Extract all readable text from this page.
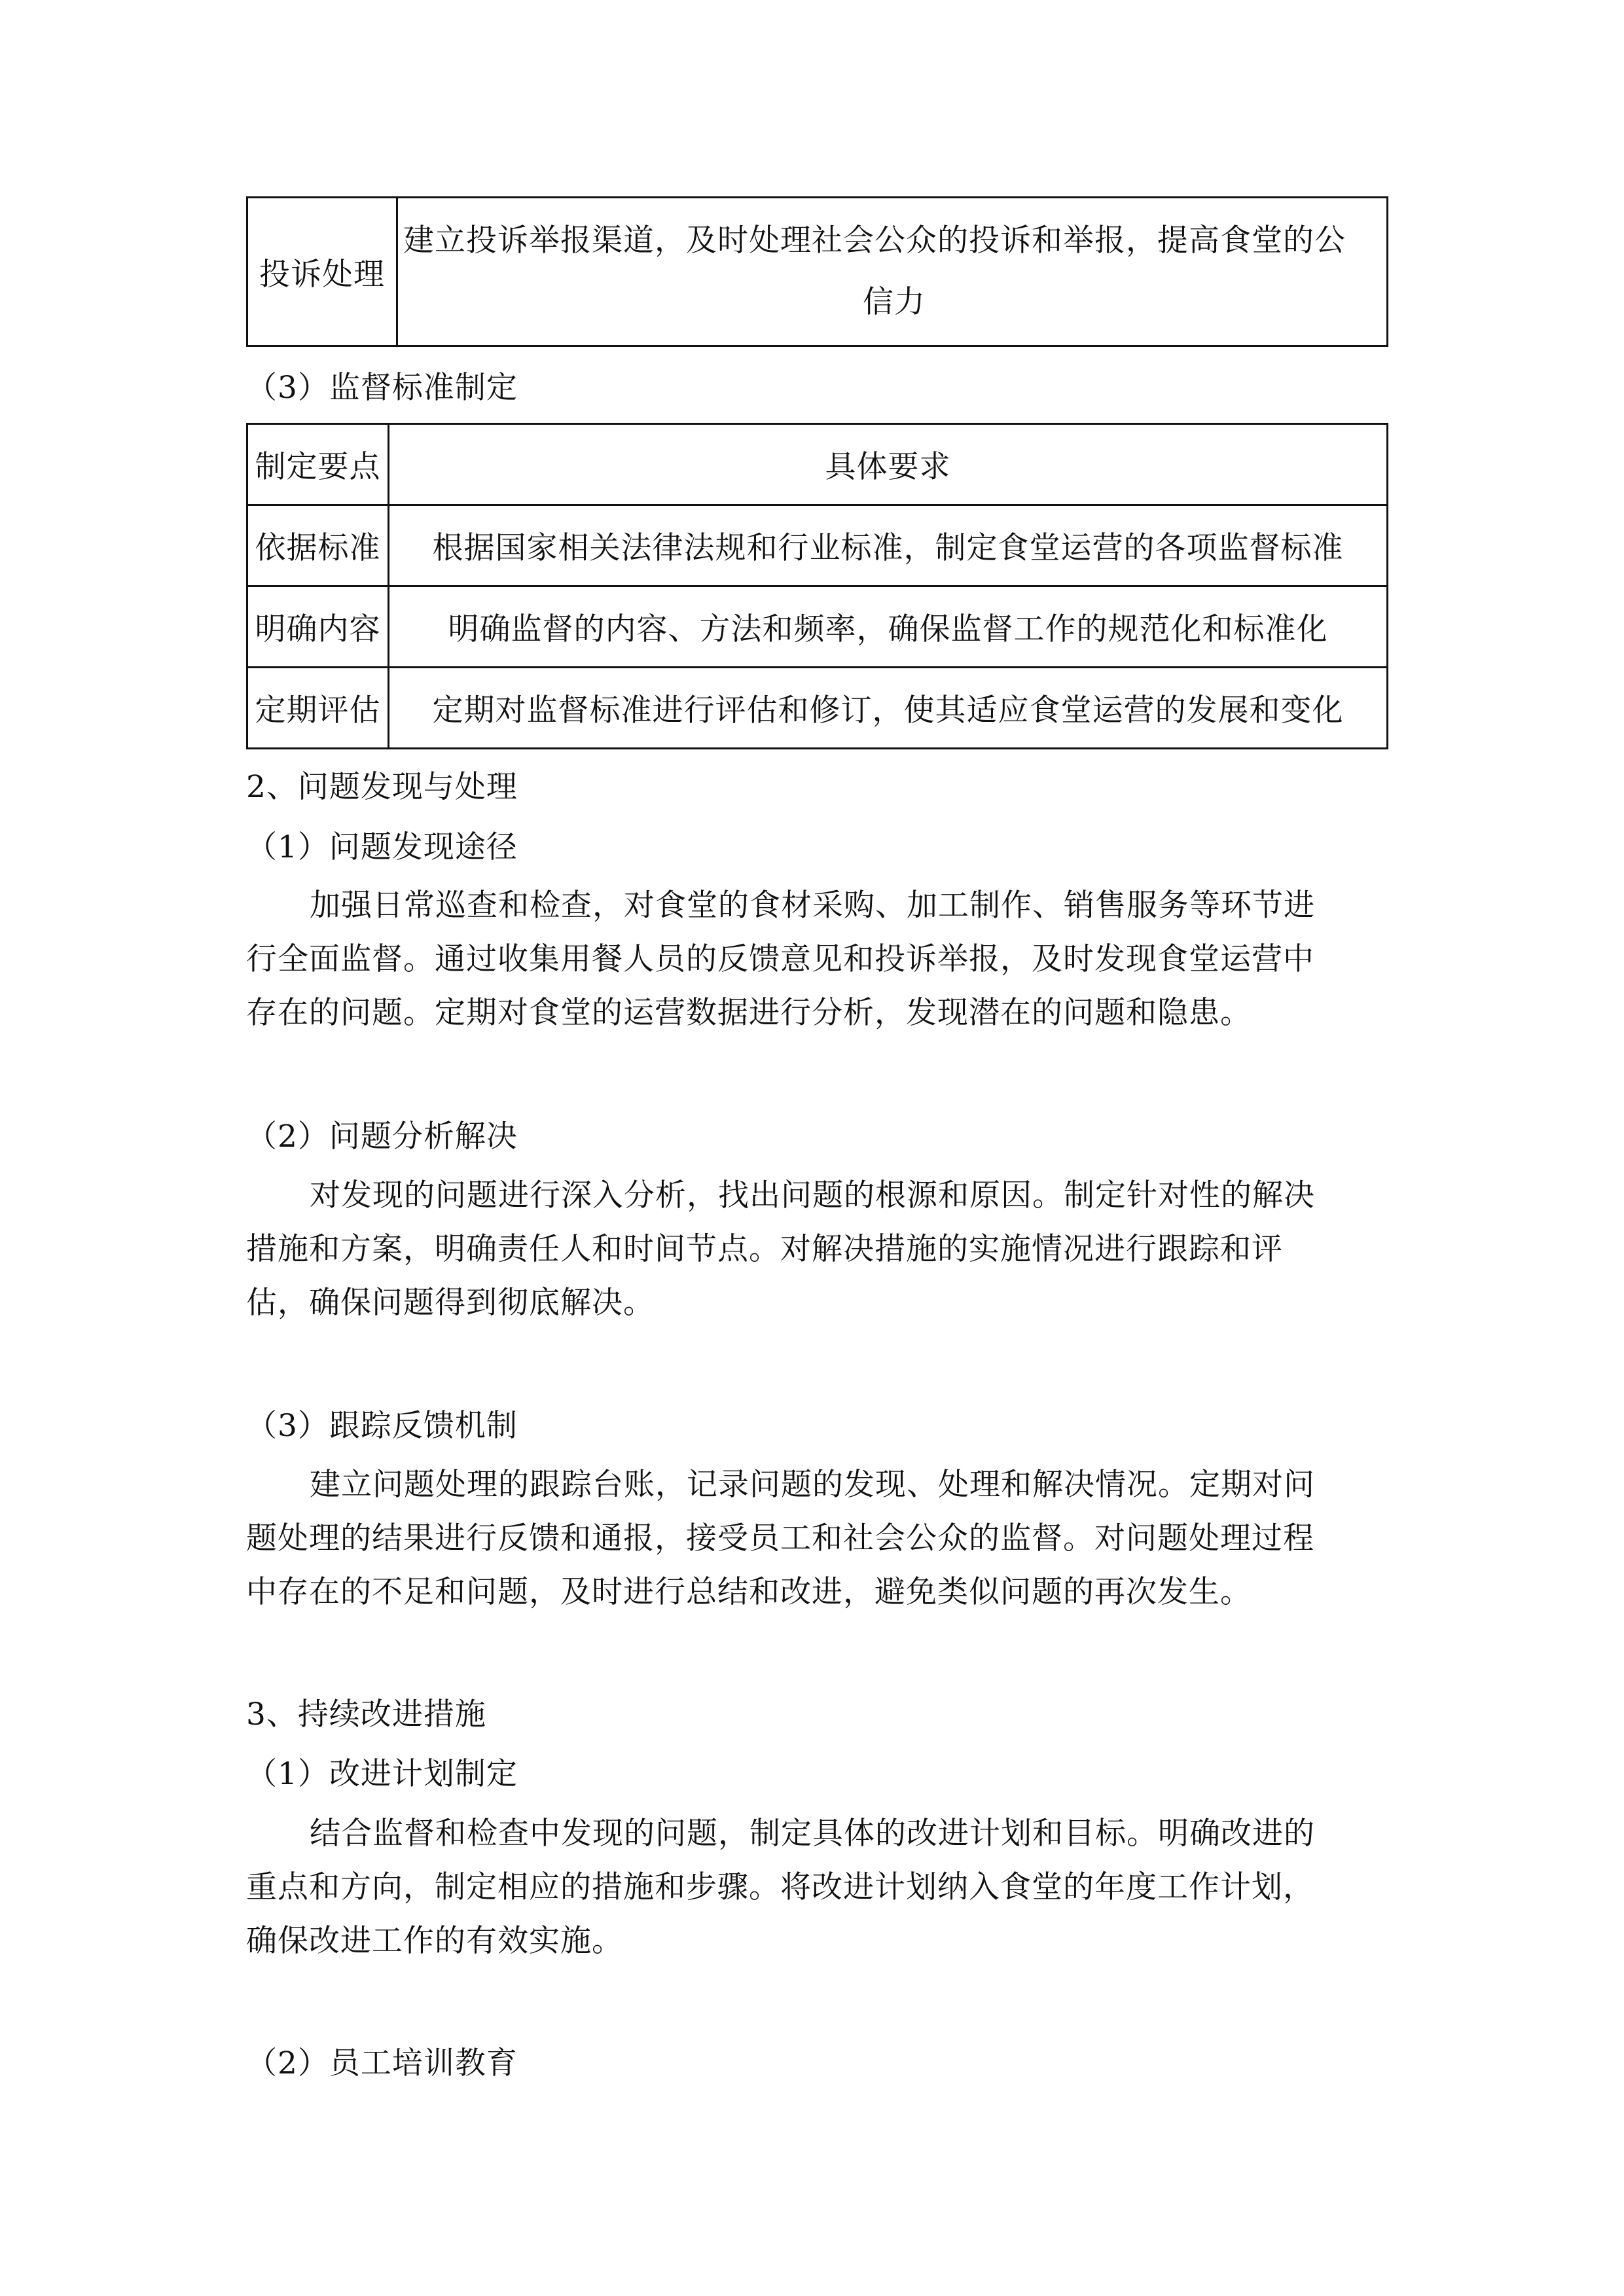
投诉处理	建立投诉举报渠道，及时处理社会公众的投诉和举报，提高食堂的公
信力
（3）监督标准制定
制定要点	具体要求
依据标准	根据国家相关法律法规和行业标准，制定食堂运营的各项监督标准
明确内容	明确监督的内容、方法和频率，确保监督工作的规范化和标准化
定期评估	定期对监督标准进行评估和修订，使其适应食堂运营的发展和变化
2、问题发现与处理
（1）问题发现途径
加强日常巡查和检查，对食堂的食材采购、加工制作、销售服务等环节进
行全面监督。通过收集用餐人员的反馈意见和投诉举报，及时发现食堂运营中
存在的问题。定期对食堂的运营数据进行分析，发现潜在的问题和隐患。
（2）问题分析解决
对发现的问题进行深入分析，找出问题的根源和原因。制定针对性的解决
措施和方案，明确责任人和时间节点。对解决措施的实施情况进行跟踪和评
估，确保问题得到彻底解决。
（3）跟踪反馈机制
建立问题处理的跟踪台账，记录问题的发现、处理和解决情况。定期对问
题处理的结果进行反馈和通报，接受员工和社会公众的监督。对问题处理过程
中存在的不足和问题，及时进行总结和改进，避免类似问题的再次发生。
3、持续改进措施
（1）改进计划制定
结合监督和检查中发现的问题，制定具体的改进计划和目标。明确改进的
重点和方向，制定相应的措施和步骤。将改进计划纳入食堂的年度工作计划，
确保改进工作的有效实施。
（2）员工培训教育
